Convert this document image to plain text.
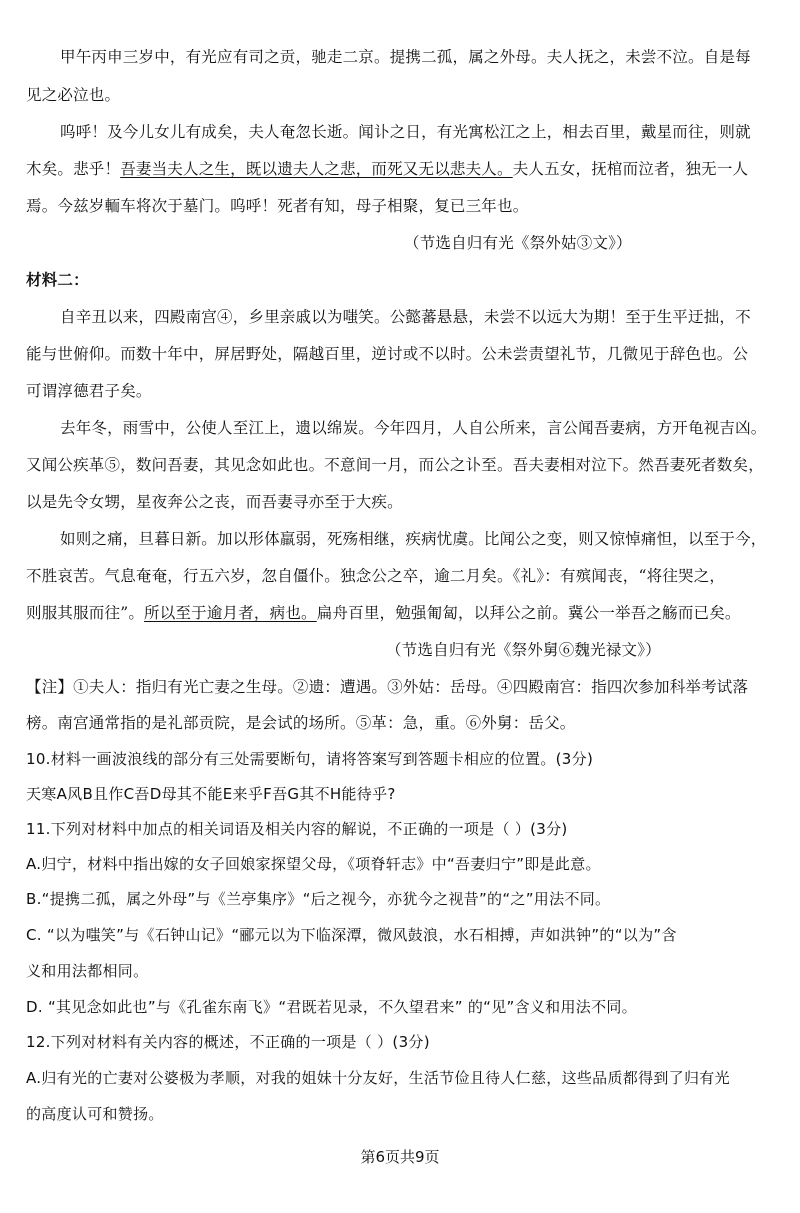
甲午丙申三岁中，有光应有司之贡，驰走二京。提携二孤，属之外母。夫人抚之，未尝不泣。自是每
见之必泣也。
呜呼！及今儿女儿有成矣，夫人奄忽长逝。闻讣之日，有光寓松江之上，相去百里，戴星而往，则就
木矣。悲乎！吾妻当夫人之生，既以遗夫人之悲，而死又无以悲夫人。夫人五女，抚棺而泣者，独无一人
焉。今兹岁輀车将次于墓门。呜呼！死者有知，母子相聚，复已三年也。
（节选自归有光《祭外姑③文》）
材料二：
自辛丑以来，四殿南宫④，乡里亲戚以为嗤笑。公懿蕃悬悬，未尝不以远大为期！至于生平迂拙，不
能与世俯仰。而数十年中，屏居野处，隔越百里，逆讨或不以时。公未尝责望礼节，几微见于辞色也。公
可谓淳德君子矣。
去年冬，雨雪中，公使人至江上，遗以绵炭。今年四月，人自公所来，言公闻吾妻病，方开龟视吉凶。
又闻公疾革⑤，数问吾妻，其见念如此也。不意间一月，而公之讣至。吾夫妻相对泣下。然吾妻死者数矣，
以是先令女甥，星夜奔公之丧，而吾妻寻亦至于大疾。
如则之痛，旦暮日新。加以形体羸弱，死殇相继，疾病忧虞。比闻公之变，则又惊悼痛怛，以至于今，
不胜哀苦。气息奄奄，行五六岁，忽自僵仆。独念公之卒，逾二月矣。《礼》：有殡闻丧，“将往哭之，
则服其服而往”。所以至于逾月者，病也。扁舟百里，勉强匍匐，以拜公之前。冀公一举吾之觞而已矣。
（节选自归有光《祭外舅⑥魏光禄文》）
【注】①夫人：指归有光亡妻之生母。②遗：遭遇。③外姑：岳母。④四殿南宫：指四次参加科举考试落
榜。南宫通常指的是礼部贡院，是会试的场所。⑤革：急，重。⑥外舅：岳父。
10.材料一画波浪线的部分有三处需要断句，请将答案写到答题卡相应的位置。(3分)
天寒A风B且作C吾D母其不能E来乎F吾G其不H能待乎?
11.下列对材料中加点的相关词语及相关内容的解说，不正确的一项是（ ）(3分)
A.归宁，材料中指出嫁的女子回娘家探望父母，《项脊轩志》中“吾妻归宁”即是此意。
B.“提携二孤，属之外母”与《兰亭集序》“后之视今，亦犹今之视昔”的“之”用法不同。
C. “以为嗤笑”与《石钟山记》“郦元以为下临深潭，微风鼓浪，水石相搏，声如洪钟”的“以为”含
义和用法都相同。
D. “其见念如此也”与《孔雀东南飞》“君既若见录，不久望君来” 的“见”含义和用法不同。
12.下列对材料有关内容的概述，不正确的一项是（ ）(3分)
A.归有光的亡妻对公婆极为孝顺，对我的姐妹十分友好，生活节俭且待人仁慈，这些品质都得到了归有光
的高度认可和赞扬。
第6页共9页
